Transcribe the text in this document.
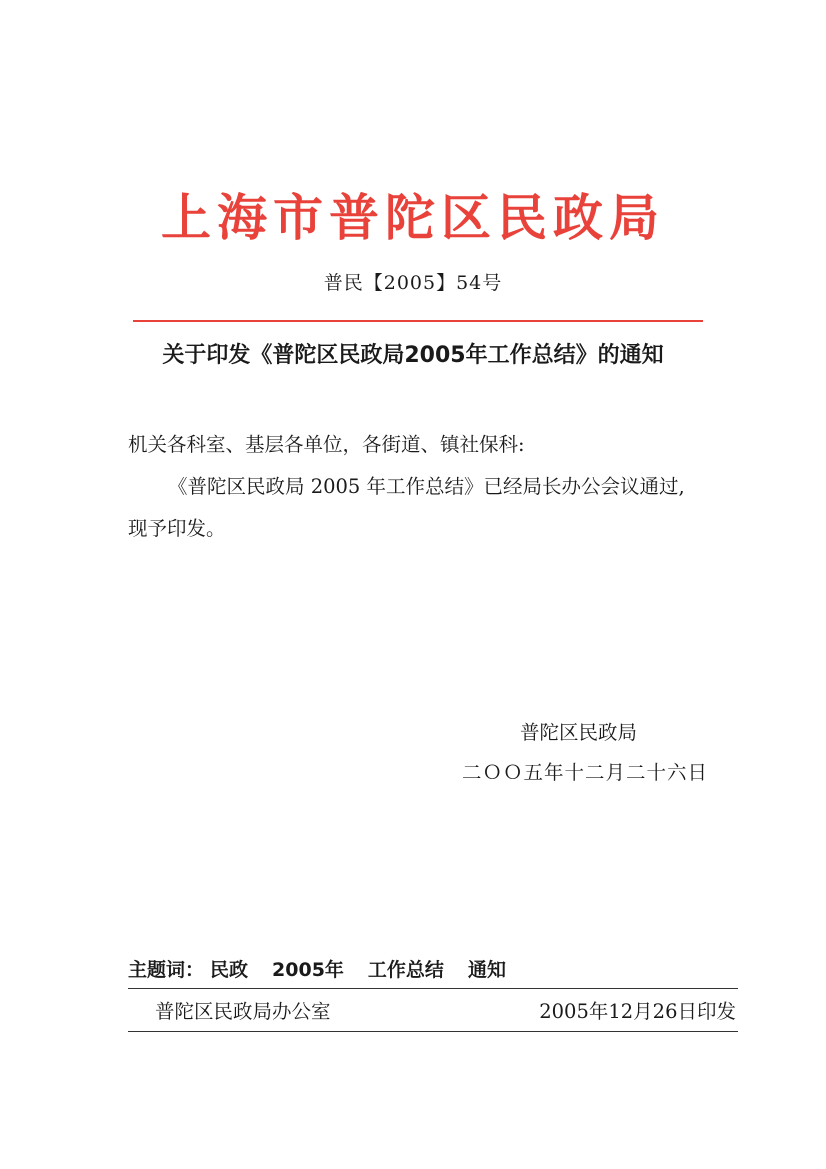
上海市普陀区民政局
普民【2005】54号
关于印发《普陀区民政局2005年工作总结》的通知
机关各科室、基层各单位，各街道、镇社保科:
《普陀区民政局 2005 年工作总结》已经局长办公会议通过,
现予印发。
普陀区民政局
二ＯＯ五年十二月二十六日
主题词： 民政 2005年 工作总结 通知
普陀区民政局办公室	2005年12月26日印发
